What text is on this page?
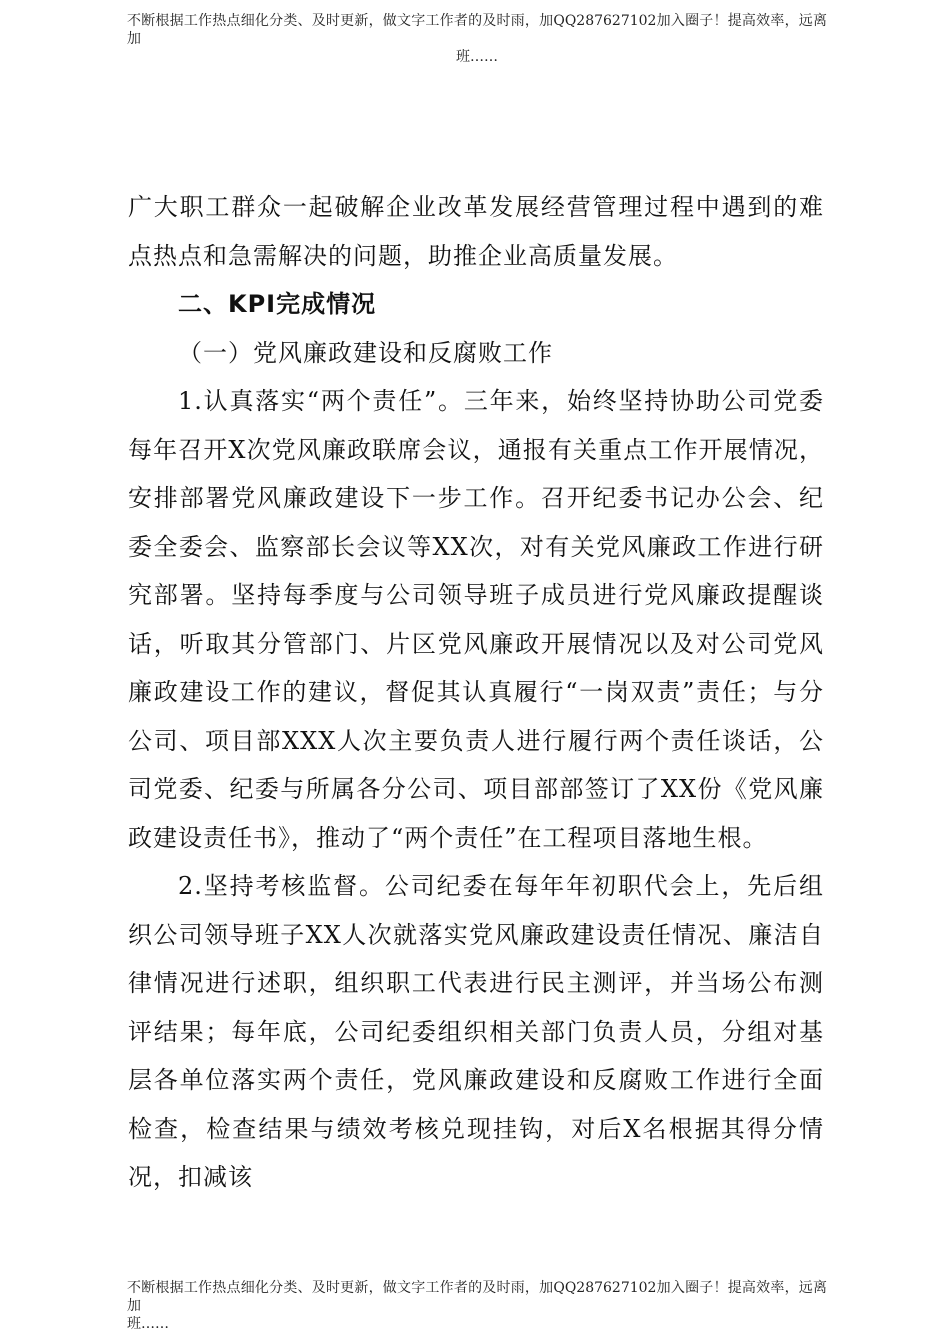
不断根据工作热点细化分类、及时更新，做文字工作者的及时雨，加QQ287627102加入圈子！提高效率，远离加
班……

广大职工群众一起破解企业改革发展经营管理过程中遇到的难点热点和急需解决的问题，助推企业高质量发展。

二、KPI完成情况

（一）党风廉政建设和反腐败工作

1.认真落实“两个责任”。三年来，始终坚持协助公司党委每年召开X次党风廉政联席会议，通报有关重点工作开展情况，安排部署党风廉政建设下一步工作。召开纪委书记办公会、纪委全委会、监察部长会议等XX次，对有关党风廉政工作进行研究部署。坚持每季度与公司领导班子成员进行党风廉政提醒谈话，听取其分管部门、片区党风廉政开展情况以及对公司党风廉政建设工作的建议，督促其认真履行“一岗双责”责任；与分公司、项目部XXX人次主要负责人进行履行两个责任谈话，公司党委、纪委与所属各分公司、项目部部签订了XX份《党风廉政建设责任书》，推动了“两个责任”在工程项目落地生根。

2.坚持考核监督。公司纪委在每年年初职代会上，先后组织公司领导班子XX人次就落实党风廉政建设责任情况、廉洁自律情况进行述职，组织职工代表进行民主测评，并当场公布测评结果；每年底，公司纪委组织相关部门负责人员，分组对基层各单位落实两个责任，党风廉政建设和反腐败工作进行全面检查，检查结果与绩效考核兑现挂钩，对后X名根据其得分情况，扣减该

不断根据工作热点细化分类、及时更新，做文字工作者的及时雨，加QQ287627102加入圈子！提高效率，远离加
班……
